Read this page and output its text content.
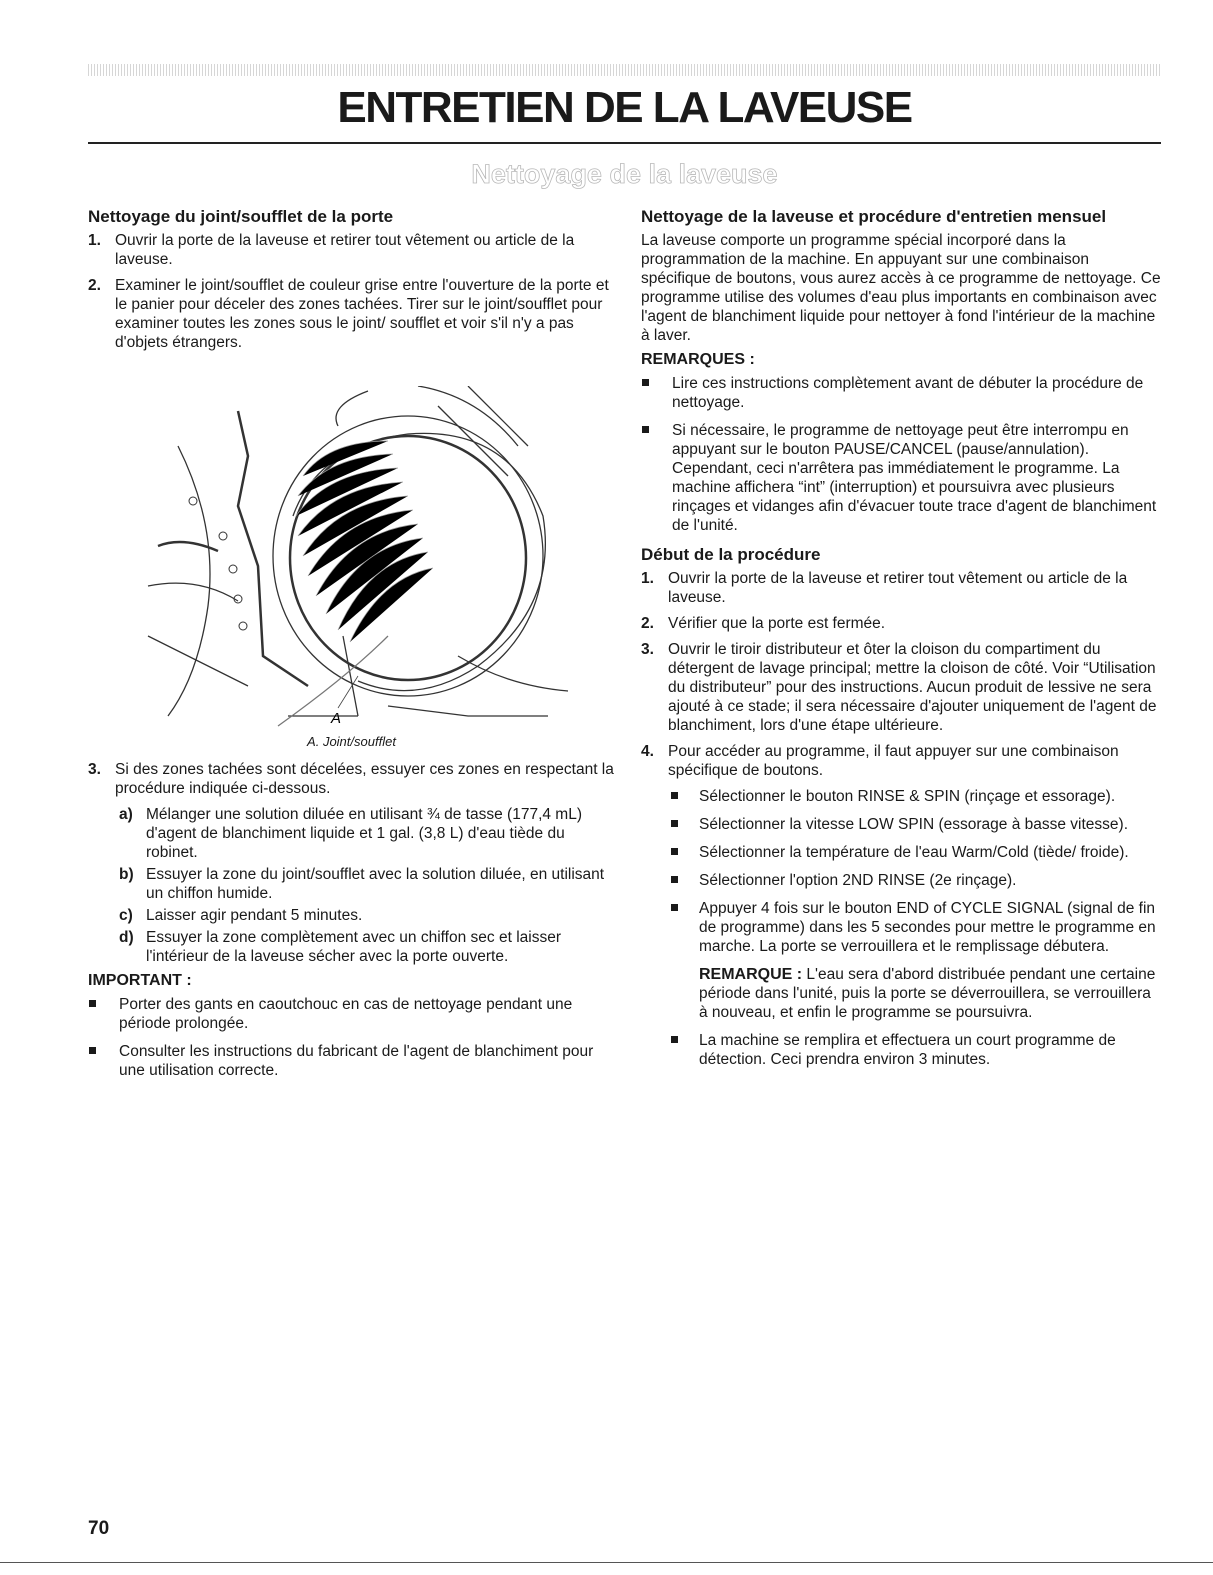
ENTRETIEN DE LA LAVEUSE
Nettoyage de la laveuse
Nettoyage du joint/soufflet de la porte
1. Ouvrir la porte de la laveuse et retirer tout vêtement ou article de la laveuse.
2. Examiner le joint/soufflet de couleur grise entre l'ouverture de la porte et le panier pour déceler des zones tachées. Tirer sur le joint/soufflet pour examiner toutes les zones sous le joint/ soufflet et voir s'il n'y a pas d'objets étrangers.
A
A. Joint/soufflet
3. Si des zones tachées sont décelées, essuyer ces zones en respectant la procédure indiquée ci-dessous.
a) Mélanger une solution diluée en utilisant ¾ de tasse (177,4 mL) d'agent de blanchiment liquide et 1 gal. (3,8 L) d'eau tiède du robinet.
b) Essuyer la zone du joint/soufflet avec la solution diluée, en utilisant un chiffon humide.
c) Laisser agir pendant 5 minutes.
d) Essuyer la zone complètement avec un chiffon sec et laisser l'intérieur de la laveuse sécher avec la porte ouverte.
IMPORTANT :
Porter des gants en caoutchouc en cas de nettoyage pendant une période prolongée.
Consulter les instructions du fabricant de l'agent de blanchiment pour une utilisation correcte.
Nettoyage de la laveuse et procédure d'entretien mensuel

La laveuse comporte un programme spécial incorporé dans la programmation de la machine. En appuyant sur une combinaison spécifique de boutons, vous aurez accès à ce programme de nettoyage. Ce programme utilise des volumes d'eau plus importants en combinaison avec l'agent de blanchiment liquide pour nettoyer à fond l'intérieur de la machine à laver.

REMARQUES :
Lire ces instructions complètement avant de débuter la procédure de nettoyage.
Si nécessaire, le programme de nettoyage peut être interrompu en appuyant sur le bouton PAUSE/CANCEL (pause/annulation). Cependant, ceci n'arrêtera pas immédiatement le programme. La machine affichera “int” (interruption) et poursuivra avec plusieurs rinçages et vidanges afin d'évacuer toute trace d'agent de blanchiment de l'unité.
Début de la procédure
1. Ouvrir la porte de la laveuse et retirer tout vêtement ou article de la laveuse.
2. Vérifier que la porte est fermée.
3. Ouvrir le tiroir distributeur et ôter la cloison du compartiment du détergent de lavage principal; mettre la cloison de côté. Voir “Utilisation du distributeur” pour des instructions. Aucun produit de lessive ne sera ajouté à ce stade; il sera nécessaire d'ajouter uniquement de l'agent de blanchiment, lors d'une étape ultérieure.
4. Pour accéder au programme, il faut appuyer sur une combinaison spécifique de boutons.
Sélectionner le bouton RINSE & SPIN (rinçage et essorage).
Sélectionner la vitesse LOW SPIN (essorage à basse vitesse).
Sélectionner la température de l'eau Warm/Cold (tiède/ froide).
Sélectionner l'option 2ND RINSE (2e rinçage).
Appuyer 4 fois sur le bouton END of CYCLE SIGNAL (signal de fin de programme) dans les 5 secondes pour mettre le programme en marche. La porte se verrouillera et le remplissage débutera.
REMARQUE : L'eau sera d'abord distribuée pendant une certaine période dans l'unité, puis la porte se déverrouillera, se verrouillera à nouveau, et enfin le programme se poursuivra.
La machine se remplira et effectuera un court programme de détection. Ceci prendra environ 3 minutes.
70
